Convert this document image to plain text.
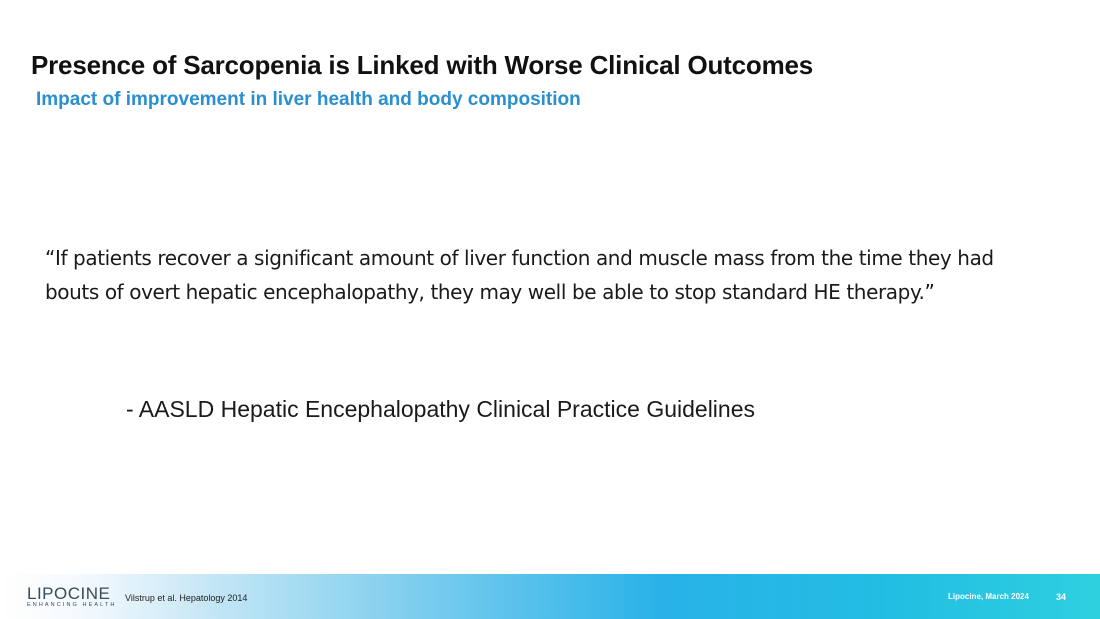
Presence of Sarcopenia is Linked with Worse Clinical Outcomes
Impact of improvement in liver health and body composition
“If patients recover a significant amount of liver function and muscle mass from the time they had bouts of overt hepatic encephalopathy, they may well be able to stop standard HE therapy.”
- AASLD Hepatic Encephalopathy Clinical Practice Guidelines
LIPOCINE
ENHANCING HEALTH
Vilstrup et al. Hepatology 2014	Lipocine, March 2024	34
